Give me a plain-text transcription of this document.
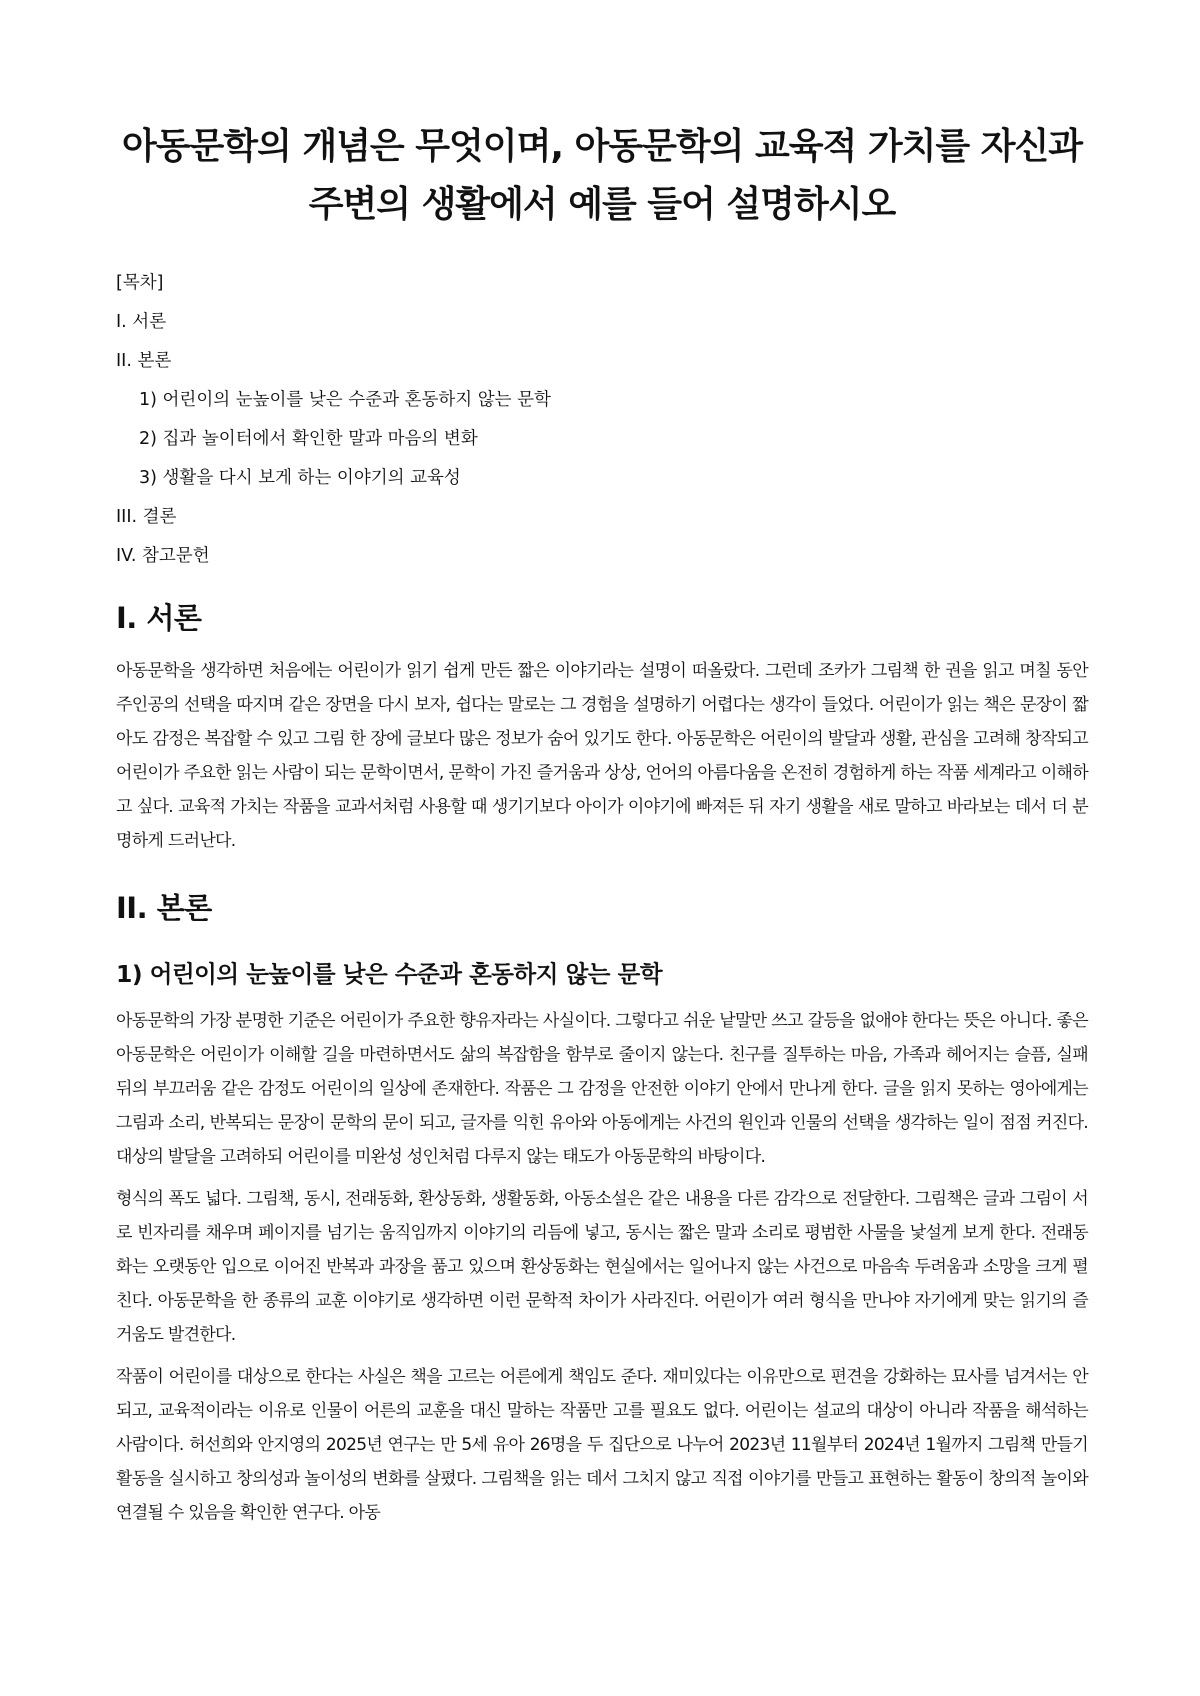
아동문학의 개념은 무엇이며, 아동문학의 교육적 가치를 자신과 주변의 생활에서 예를 들어 설명하시오

[목차]

I. 서론

II. 본론

1) 어린이의 눈높이를 낮은 수준과 혼동하지 않는 문학

2) 집과 놀이터에서 확인한 말과 마음의 변화

3) 생활을 다시 보게 하는 이야기의 교육성

III. 결론

IV. 참고문헌

I. 서론

아동문학을 생각하면 처음에는 어린이가 읽기 쉽게 만든 짧은 이야기라는 설명이 떠올랐다. 그런데 조카가 그림책 한 권을 읽고 며칠 동안 주인공의 선택을 따지며 같은 장면을 다시 보자, 쉽다는 말로는 그 경험을 설명하기 어렵다는 생각이 들었다. 어린이가 읽는 책은 문장이 짧아도 감정은 복잡할 수 있고 그림 한 장에 글보다 많은 정보가 숨어 있기도 한다. 아동문학은 어린이의 발달과 생활, 관심을 고려해 창작되고 어린이가 주요한 읽는 사람이 되는 문학이면서, 문학이 가진 즐거움과 상상, 언어의 아름다움을 온전히 경험하게 하는 작품 세계라고 이해하고 싶다. 교육적 가치는 작품을 교과서처럼 사용할 때 생기기보다 아이가 이야기에 빠져든 뒤 자기 생활을 새로 말하고 바라보는 데서 더 분명하게 드러난다.

II. 본론
1) 어린이의 눈높이를 낮은 수준과 혼동하지 않는 문학

아동문학의 가장 분명한 기준은 어린이가 주요한 향유자라는 사실이다. 그렇다고 쉬운 낱말만 쓰고 갈등을 없애야 한다는 뜻은 아니다. 좋은 아동문학은 어린이가 이해할 길을 마련하면서도 삶의 복잡함을 함부로 줄이지 않는다. 친구를 질투하는 마음, 가족과 헤어지는 슬픔, 실패 뒤의 부끄러움 같은 감정도 어린이의 일상에 존재한다. 작품은 그 감정을 안전한 이야기 안에서 만나게 한다. 글을 읽지 못하는 영아에게는 그림과 소리, 반복되는 문장이 문학의 문이 되고, 글자를 익힌 유아와 아동에게는 사건의 원인과 인물의 선택을 생각하는 일이 점점 커진다. 대상의 발달을 고려하되 어린이를 미완성 성인처럼 다루지 않는 태도가 아동문학의 바탕이다.

형식의 폭도 넓다. 그림책, 동시, 전래동화, 환상동화, 생활동화, 아동소설은 같은 내용을 다른 감각으로 전달한다. 그림책은 글과 그림이 서로 빈자리를 채우며 페이지를 넘기는 움직임까지 이야기의 리듬에 넣고, 동시는 짧은 말과 소리로 평범한 사물을 낯설게 보게 한다. 전래동화는 오랫동안 입으로 이어진 반복과 과장을 품고 있으며 환상동화는 현실에서는 일어나지 않는 사건으로 마음속 두려움과 소망을 크게 펼친다. 아동문학을 한 종류의 교훈 이야기로 생각하면 이런 문학적 차이가 사라진다. 어린이가 여러 형식을 만나야 자기에게 맞는 읽기의 즐거움도 발견한다.

작품이 어린이를 대상으로 한다는 사실은 책을 고르는 어른에게 책임도 준다. 재미있다는 이유만으로 편견을 강화하는 묘사를 넘겨서는 안 되고, 교육적이라는 이유로 인물이 어른의 교훈을 대신 말하는 작품만 고를 필요도 없다. 어린이는 설교의 대상이 아니라 작품을 해석하는 사람이다. 허선희와 안지영의 2025년 연구는 만 5세 유아 26명을 두 집단으로 나누어 2023년 11월부터 2024년 1월까지 그림책 만들기 활동을 실시하고 창의성과 놀이성의 변화를 살폈다. 그림책을 읽는 데서 그치지 않고 직접 이야기를 만들고 표현하는 활동이 창의적 놀이와 연결될 수 있음을 확인한 연구다. 아동
